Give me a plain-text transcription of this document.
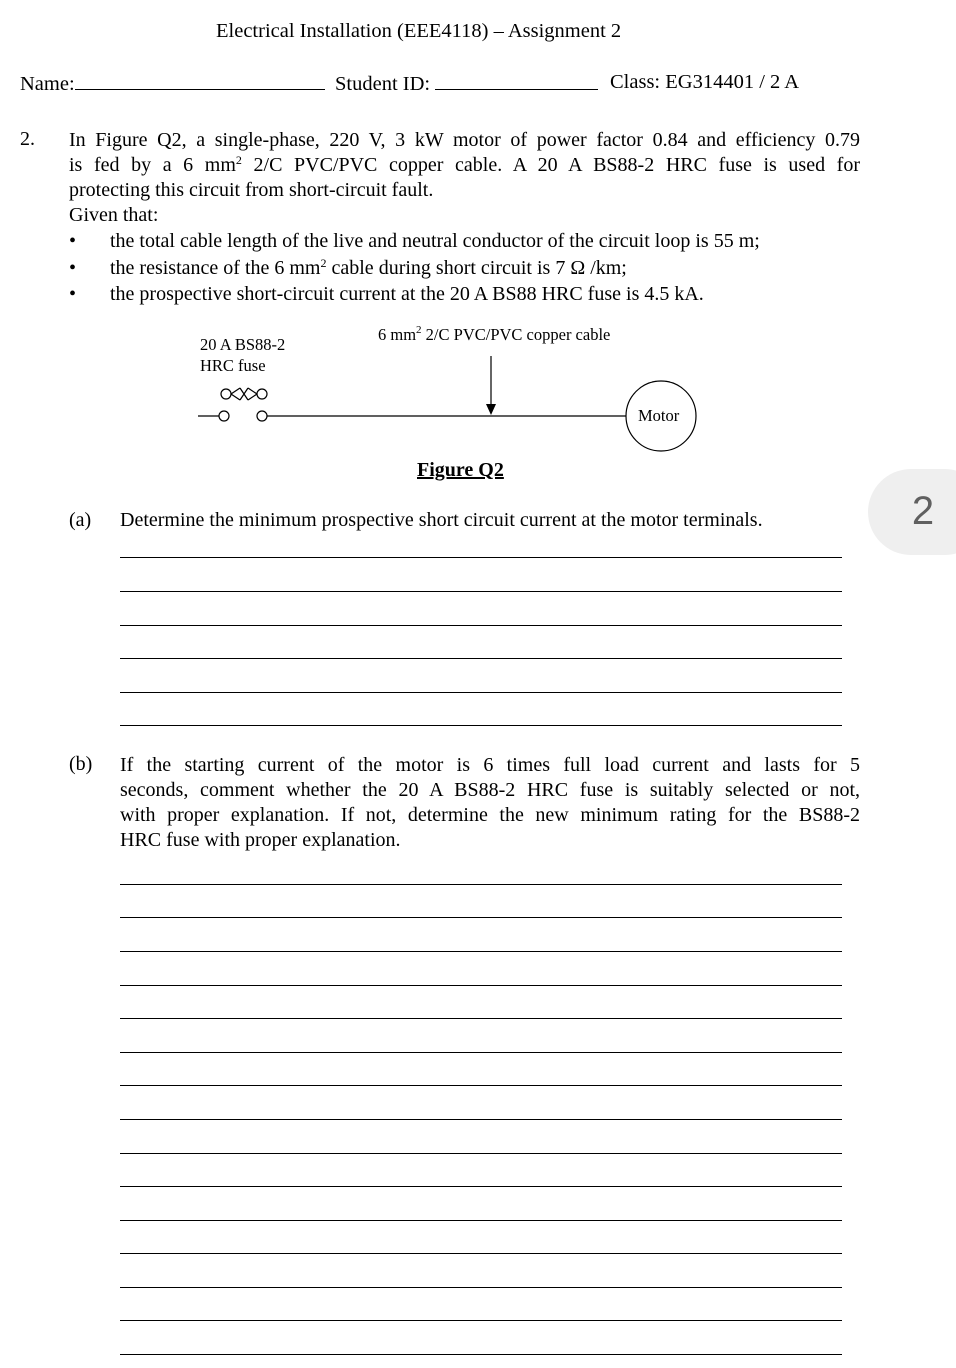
Electrical Installation (EEE4118) – Assignment 2
Name:	Student ID:	Class: EG314401 / 2 A
2. In Figure Q2, a single-phase, 220 V, 3 kW motor of power factor 0.84 and efficiency 0.79
is fed by a 6 $mm^2$ 2/C PVC/PVC copper cable. A 20 A BS88-2 HRC fuse is used for
protecting this circuit from short-circuit fault.
Given that:
• the total cable length of the live and neutral conductor of the circuit loop is 55 m;
• the resistance of the 6 $mm^2$ cable during short circuit is 7 Ω /km;
• the prospective short-circuit current at the 20 A BS88 HRC fuse is 4.5 kA.
20 A BS88-2
HRC fuse
6 $mm^2$ 2/C PVC/PVC copper cable
Motor
Figure Q2
2
(a) Determine the minimum prospective short circuit current at the motor terminals.
(b) If the starting current of the motor is 6 times full load current and lasts for 5
seconds, comment whether the 20 A BS88-2 HRC fuse is suitably selected or not,
with proper explanation. If not, determine the new minimum rating for the BS88-2
HRC fuse with proper explanation.
